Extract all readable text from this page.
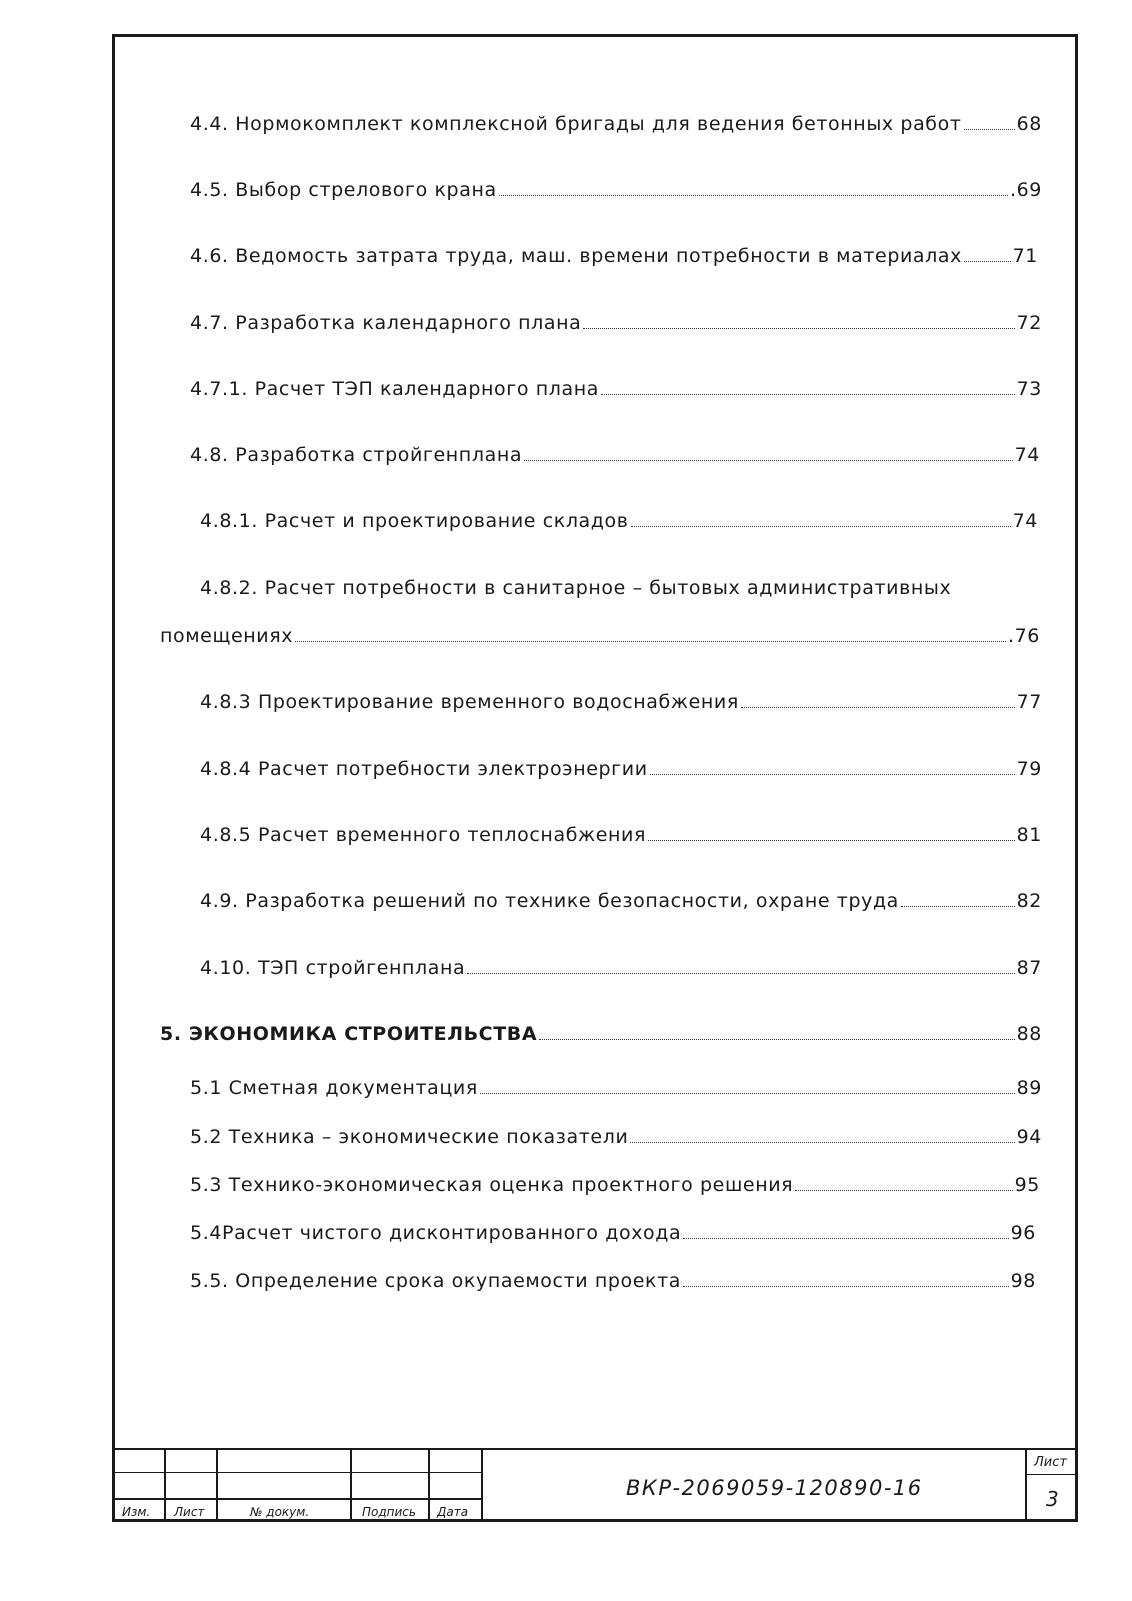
4.4. Нормокомплект комплексной бригады для ведения бетонных работ	68
4.5. Выбор стрелового крана	.69
4.6. Ведомость затрата труда, маш. времени потребности в материалах	71
4.7. Разработка календарного плана	72
4.7.1. Расчет ТЭП календарного плана	73
4.8. Разработка стройгенплана	74
4.8.1. Расчет и проектирование складов	74
4.8.2. Расчет потребности в санитарное – бытовых административных
помещениях	.76
4.8.3 Проектирование временного водоснабжения	77
4.8.4 Расчет потребности электроэнергии	79
4.8.5 Расчет временного теплоснабжения	81
4.9. Разработка решений по технике безопасности, охране труда	82
4.10. ТЭП стройгенплана	87
5. ЭКОНОМИКА СТРОИТЕЛЬСТВА	88
5.1 Сметная документация	89
5.2 Техника – экономические показатели	94
5.3 Технико-экономическая оценка проектного решения	95
5.4Расчет чистого дисконтированного дохода	96
5.5. Определение срока окупаемости проекта	98
Изм. Лист	№ докум.	Подпись Дата
ВКР-2069059-120890-16
Лист
3
